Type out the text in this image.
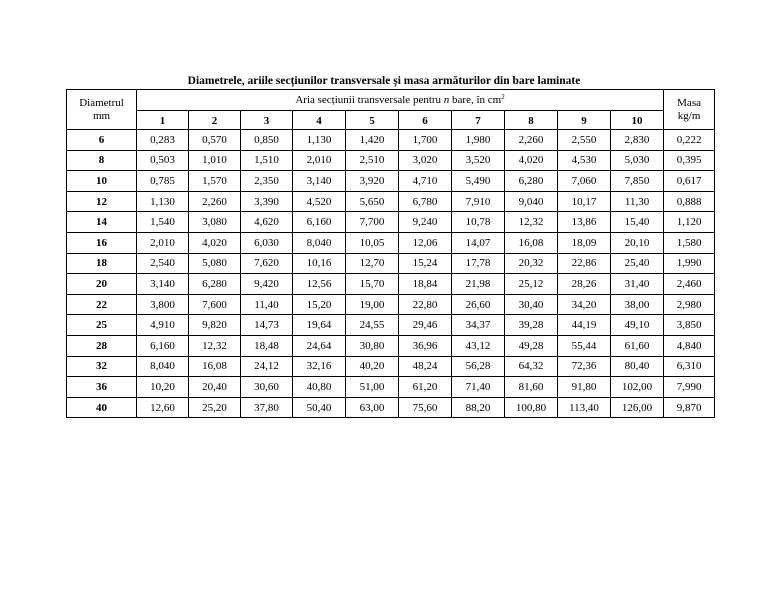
Diametrele, ariile secțiunilor transversale și masa armăturilor din bare laminate
Diametrul
mm	Aria secțiunii transversale pentru n bare, în $cm^2$										Masa
kg/m
	1	2	3	4	5	6	7	8	9	10	
6	0,283	0,570	0,850	1,130	1,420	1,700	1,980	2,260	2,550	2,830	0,222
8	0,503	1,010	1,510	2,010	2,510	3,020	3,520	4,020	4,530	5,030	0,395
10	0,785	1,570	2,350	3,140	3,920	4,710	5,490	6,280	7,060	7,850	0,617
12	1,130	2,260	3,390	4,520	5,650	6,780	7,910	9,040	10,17	11,30	0,888
14	1,540	3,080	4,620	6,160	7,700	9,240	10,78	12,32	13,86	15,40	1,120
16	2,010	4,020	6,030	8,040	10,05	12,06	14,07	16,08	18,09	20,10	1,580
18	2,540	5,080	7,620	10,16	12,70	15,24	17,78	20,32	22,86	25,40	1,990
20	3,140	6,280	9,420	12,56	15,70	18,84	21,98	25,12	28,26	31,40	2,460
22	3,800	7,600	11,40	15,20	19,00	22,80	26,60	30,40	34,20	38,00	2,980
25	4,910	9,820	14,73	19,64	24,55	29,46	34,37	39,28	44,19	49,10	3,850
28	6,160	12,32	18,48	24,64	30,80	36,96	43,12	49,28	55,44	61,60	4,840
32	8,040	16,08	24,12	32,16	40,20	48,24	56,28	64,32	72,36	80,40	6,310
36	10,20	20,40	30,60	40,80	51,00	61,20	71,40	81,60	91,80	102,00	7,990
40	12,60	25,20	37,80	50,40	63,00	75,60	88,20	100,80	113,40	126,00	9,870
